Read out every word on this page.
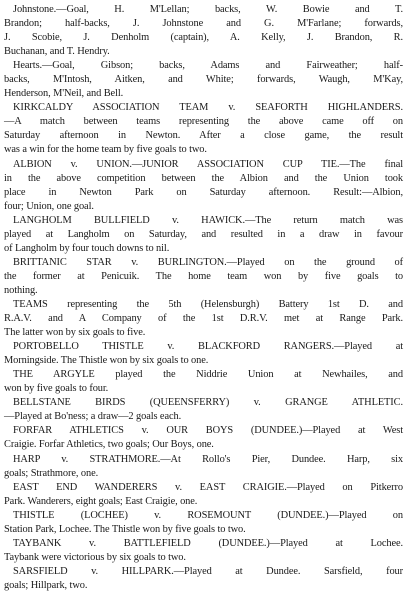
Johnstone.—Goal, H. M'Lellan; backs, W. Bowie and T.
Brandon; half-backs, J. Johnstone and G. M'Farlane; forwards,
J. Scobie, J. Denholm (captain), A. Kelly, J. Brandon, R.
Buchanan, and T. Hendry.
Hearts.—Goal, Gibson; backs, Adams and Fairweather; half-
backs, M'Intosh, Aitken, and White; forwards, Waugh, M'Kay,
Henderson, M'Neil, and Bell.
KIRKCALDY ASSOCIATION TEAM v. SEAFORTH HIGHLANDERS.
—A match between teams representing the above came off on
Saturday afternoon in Newton. After a close game, the result
was a win for the home team by five goals to two.
ALBION v. UNION.—JUNIOR ASSOCIATION CUP TIE.—The final
in the above competition between the Albion and the Union took
place in Newton Park on Saturday afternoon. Result:—Albion,
four; Union, one goal.
LANGHOLM BULLFIELD v. HAWICK.—The return match was
played at Langholm on Saturday, and resulted in a draw in favour
of Langholm by four touch downs to nil.
BRITTANIC STAR v. BURLINGTON.—Played on the ground of
the former at Penicuik. The home team won by five goals to
nothing.
TEAMS representing the 5th (Helensburgh) Battery 1st D. and
R.A.V. and A Company of the 1st D.R.V. met at Range Park.
The latter won by six goals to five.
PORTOBELLO THISTLE v. BLACKFORD RANGERS.—Played at
Morningside. The Thistle won by six goals to one.
THE ARGYLE played the Niddrie Union at Newhailes, and
won by five goals to four.
BELLSTANE BIRDS (QUEENSFERRY) v. GRANGE ATHLETIC.
—Played at Bo'ness; a draw—2 goals each.
FORFAR ATHLETICS v. OUR BOYS (DUNDEE.)—Played at West
Craigie. Forfar Athletics, two goals; Our Boys, one.
HARP v. STRATHMORE.—At Rollo's Pier, Dundee. Harp, six
goals; Strathmore, one.
EAST END WANDERERS v. EAST CRAIGIE.—Played on Pitkerro
Park. Wanderers, eight goals; East Craigie, one.
THISTLE (LOCHEE) v. ROSEMOUNT (DUNDEE.)—Played on
Station Park, Lochee. The Thistle won by five goals to two.
TAYBANK v. BATTLEFIELD (DUNDEE.)—Played at Lochee.
Taybank were victorious by six goals to two.
SARSFIELD v. HILLPARK.—Played at Dundee. Sarsfield, four
goals; Hillpark, two.
